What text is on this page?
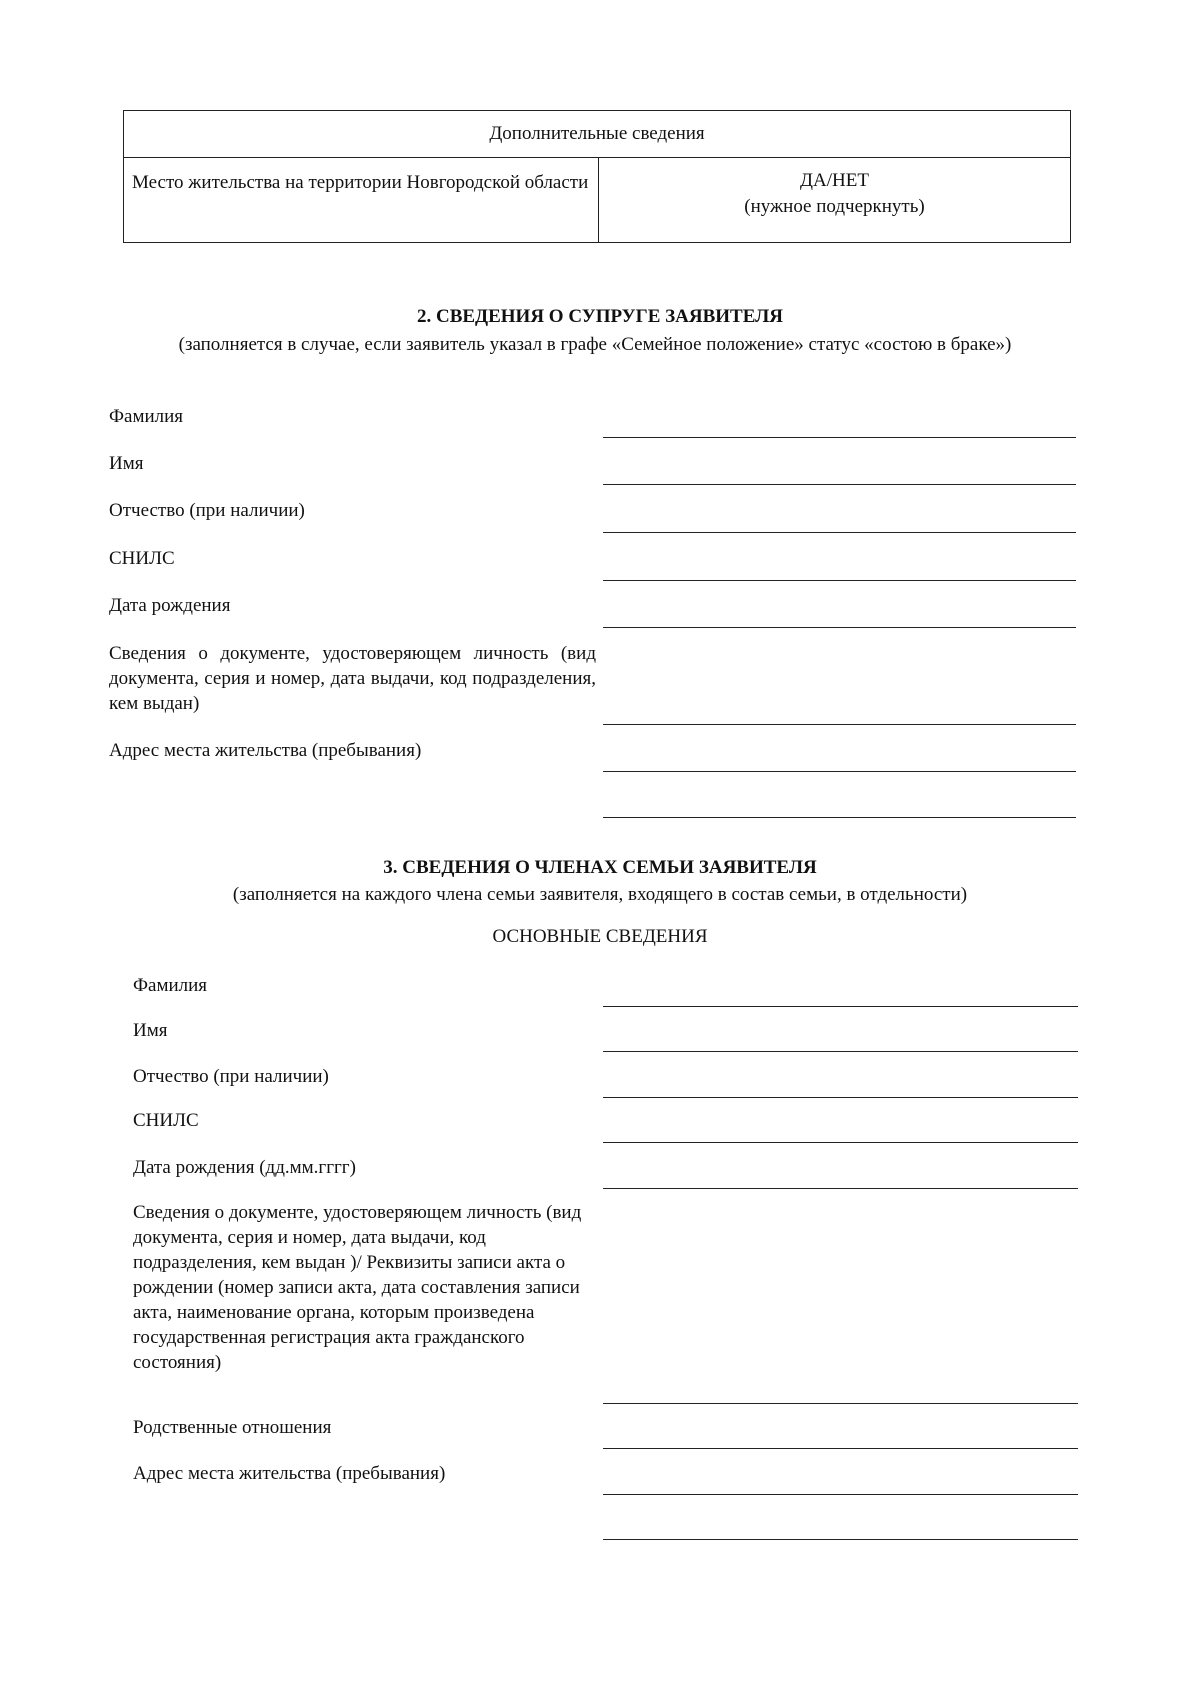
Дополнительные сведения
Место жительства на территории Новгородской области	ДА/НЕТ
(нужное подчеркнуть)
2. СВЕДЕНИЯ О СУПРУГЕ ЗАЯВИТЕЛЯ
(заполняется в случае, если заявитель указал в графе «Семейное положение» статус «состою в браке»)
Фамилия
Имя
Отчество (при наличии)
СНИЛС
Дата рождения
Сведения о документе, удостоверяющем личность (вид документа, серия и номер, дата выдачи, код подразделения, кем выдан)
Адрес места жительства (пребывания)
3. СВЕДЕНИЯ О ЧЛЕНАХ СЕМЬИ ЗАЯВИТЕЛЯ
(заполняется на каждого члена семьи заявителя, входящего в состав семьи, в отдельности)
ОСНОВНЫЕ СВЕДЕНИЯ
Фамилия
Имя
Отчество (при наличии)
СНИЛС
Дата рождения (дд.мм.гггг)
Сведения о документе, удостоверяющем личность (вид документа, серия и номер, дата выдачи, код подразделения, кем выдан )/ Реквизиты записи акта о рождении (номер записи акта, дата составления записи акта, наименование органа, которым произведена государственная регистрация акта гражданского состояния)
Родственные отношения
Адрес места жительства (пребывания)
